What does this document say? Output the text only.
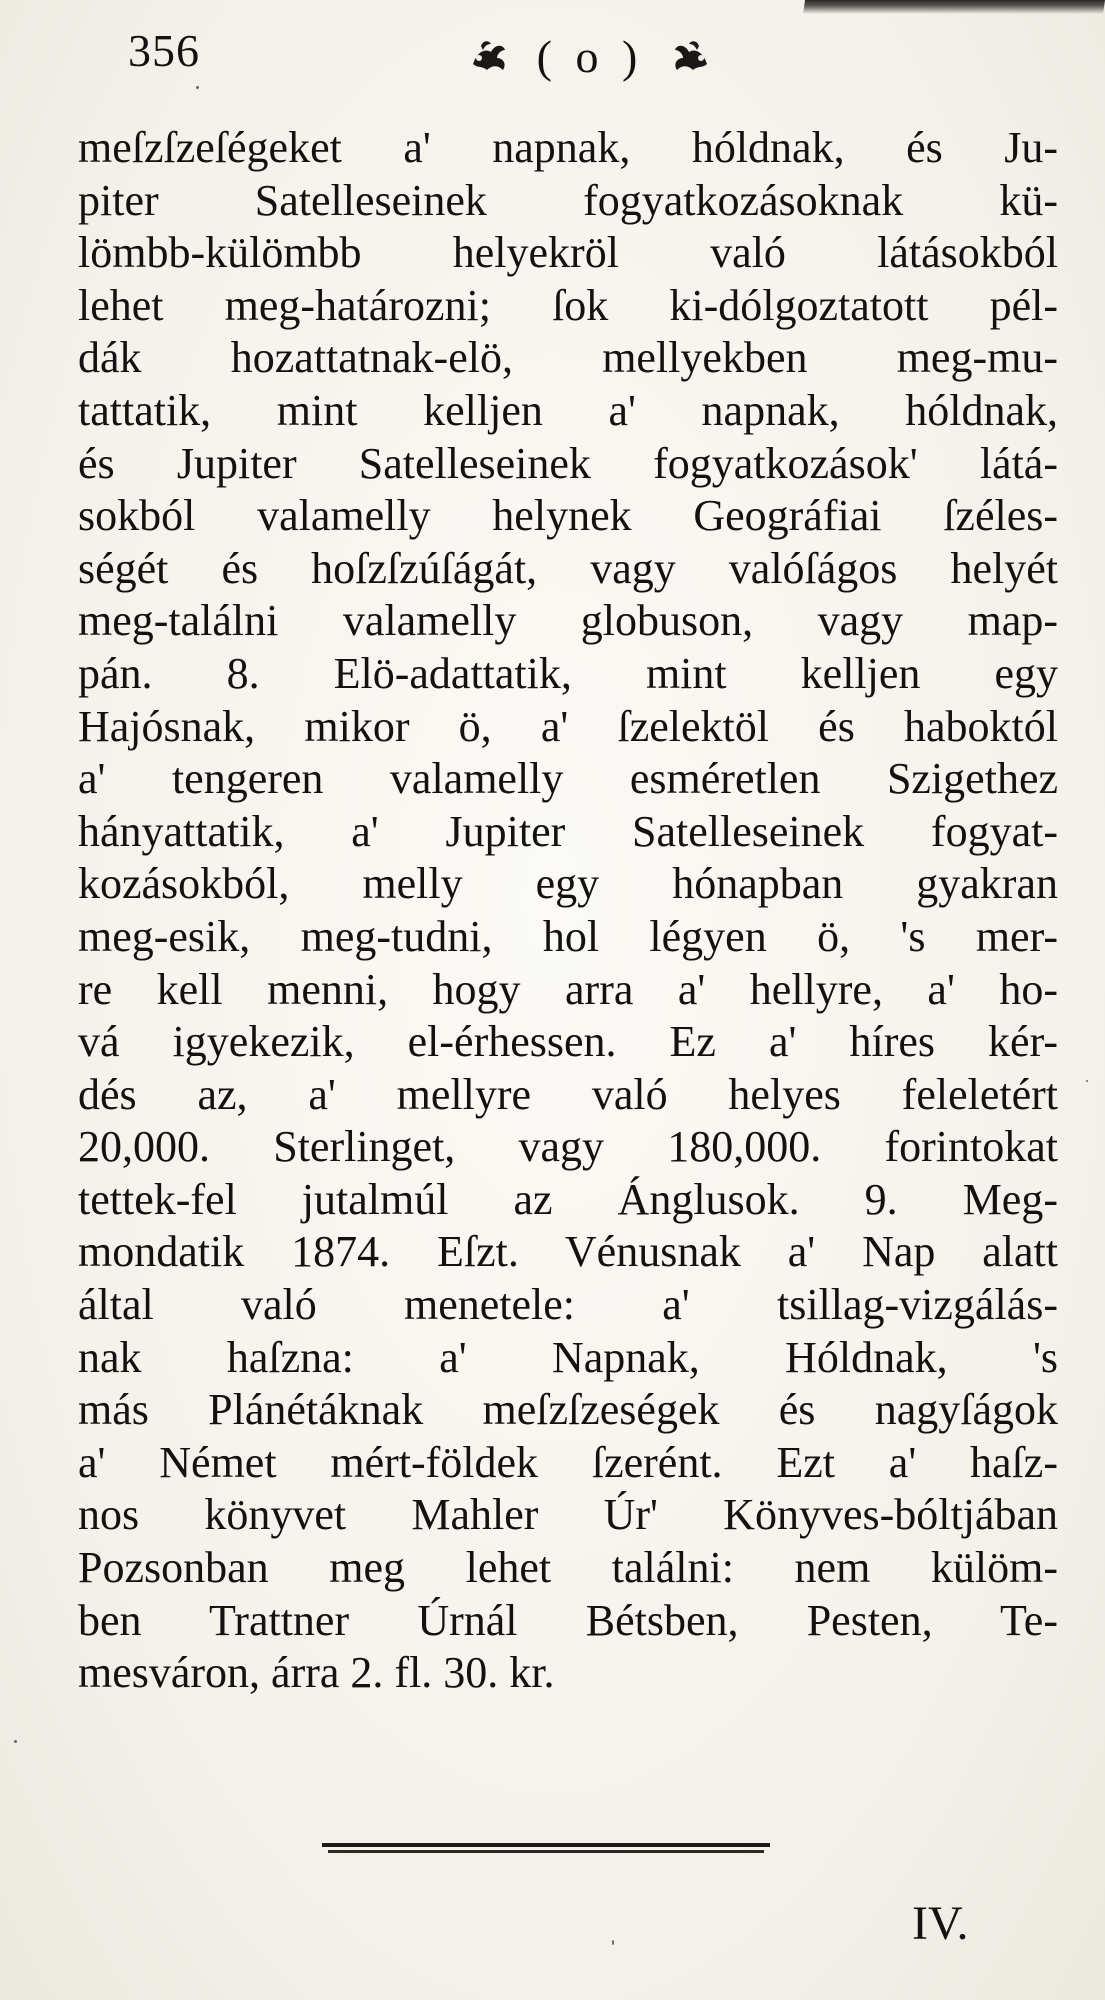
356	( o )
meſzſzeſégeket a' napnak, hóldnak, és Ju-
piter Satelleseinek fogyatkozásoknak kü-
lömbb-külömbb helyekröl való látásokból
lehet meg-határozni; ſok ki-dólgoztatott pél-
dák hozattatnak-elö, mellyekben meg-mu-
tattatik, mint kelljen a' napnak, hóldnak,
és Jupiter Satelleseinek fogyatkozások' látá-
sokból valamelly helynek Geográfiai ſzéles-
ségét és hoſzſzúſágát, vagy valóſágos helyét
meg-találni valamelly globuson, vagy map-
pán. 8. Elö-adattatik, mint kelljen egy
Hajósnak, mikor ö, a' ſzelektöl és haboktól
a' tengeren valamelly esméretlen Szigethez
hányattatik, a' Jupiter Satelleseinek fogyat-
kozásokból, melly egy hónapban gyakran
meg-esik, meg-tudni, hol légyen ö, 's mer-
re kell menni, hogy arra a' hellyre, a' ho-
vá igyekezik, el-érhessen. Ez a' híres kér-
dés az, a' mellyre való helyes feleletért
20,000. Sterlinget, vagy 180,000. forintokat
tettek-fel jutalmúl az Ánglusok. 9. Meg-
mondatik 1874. Eſzt. Vénusnak a' Nap alatt
által való menetele: a' tsillag-vizgálás-
nak haſzna: a' Napnak, Hóldnak, 's
más Plánétáknak meſzſzeségek és nagyſágok
a' Német mért-földek ſzerént. Ezt a' haſz-
nos könyvet Mahler Úr' Könyves-bóltjában
Pozsonban meg lehet találni: nem külöm-
ben Trattner Úrnál Bétsben, Pesten, Te-
mesváron, árra 2. fl. 30. kr.
IV.
